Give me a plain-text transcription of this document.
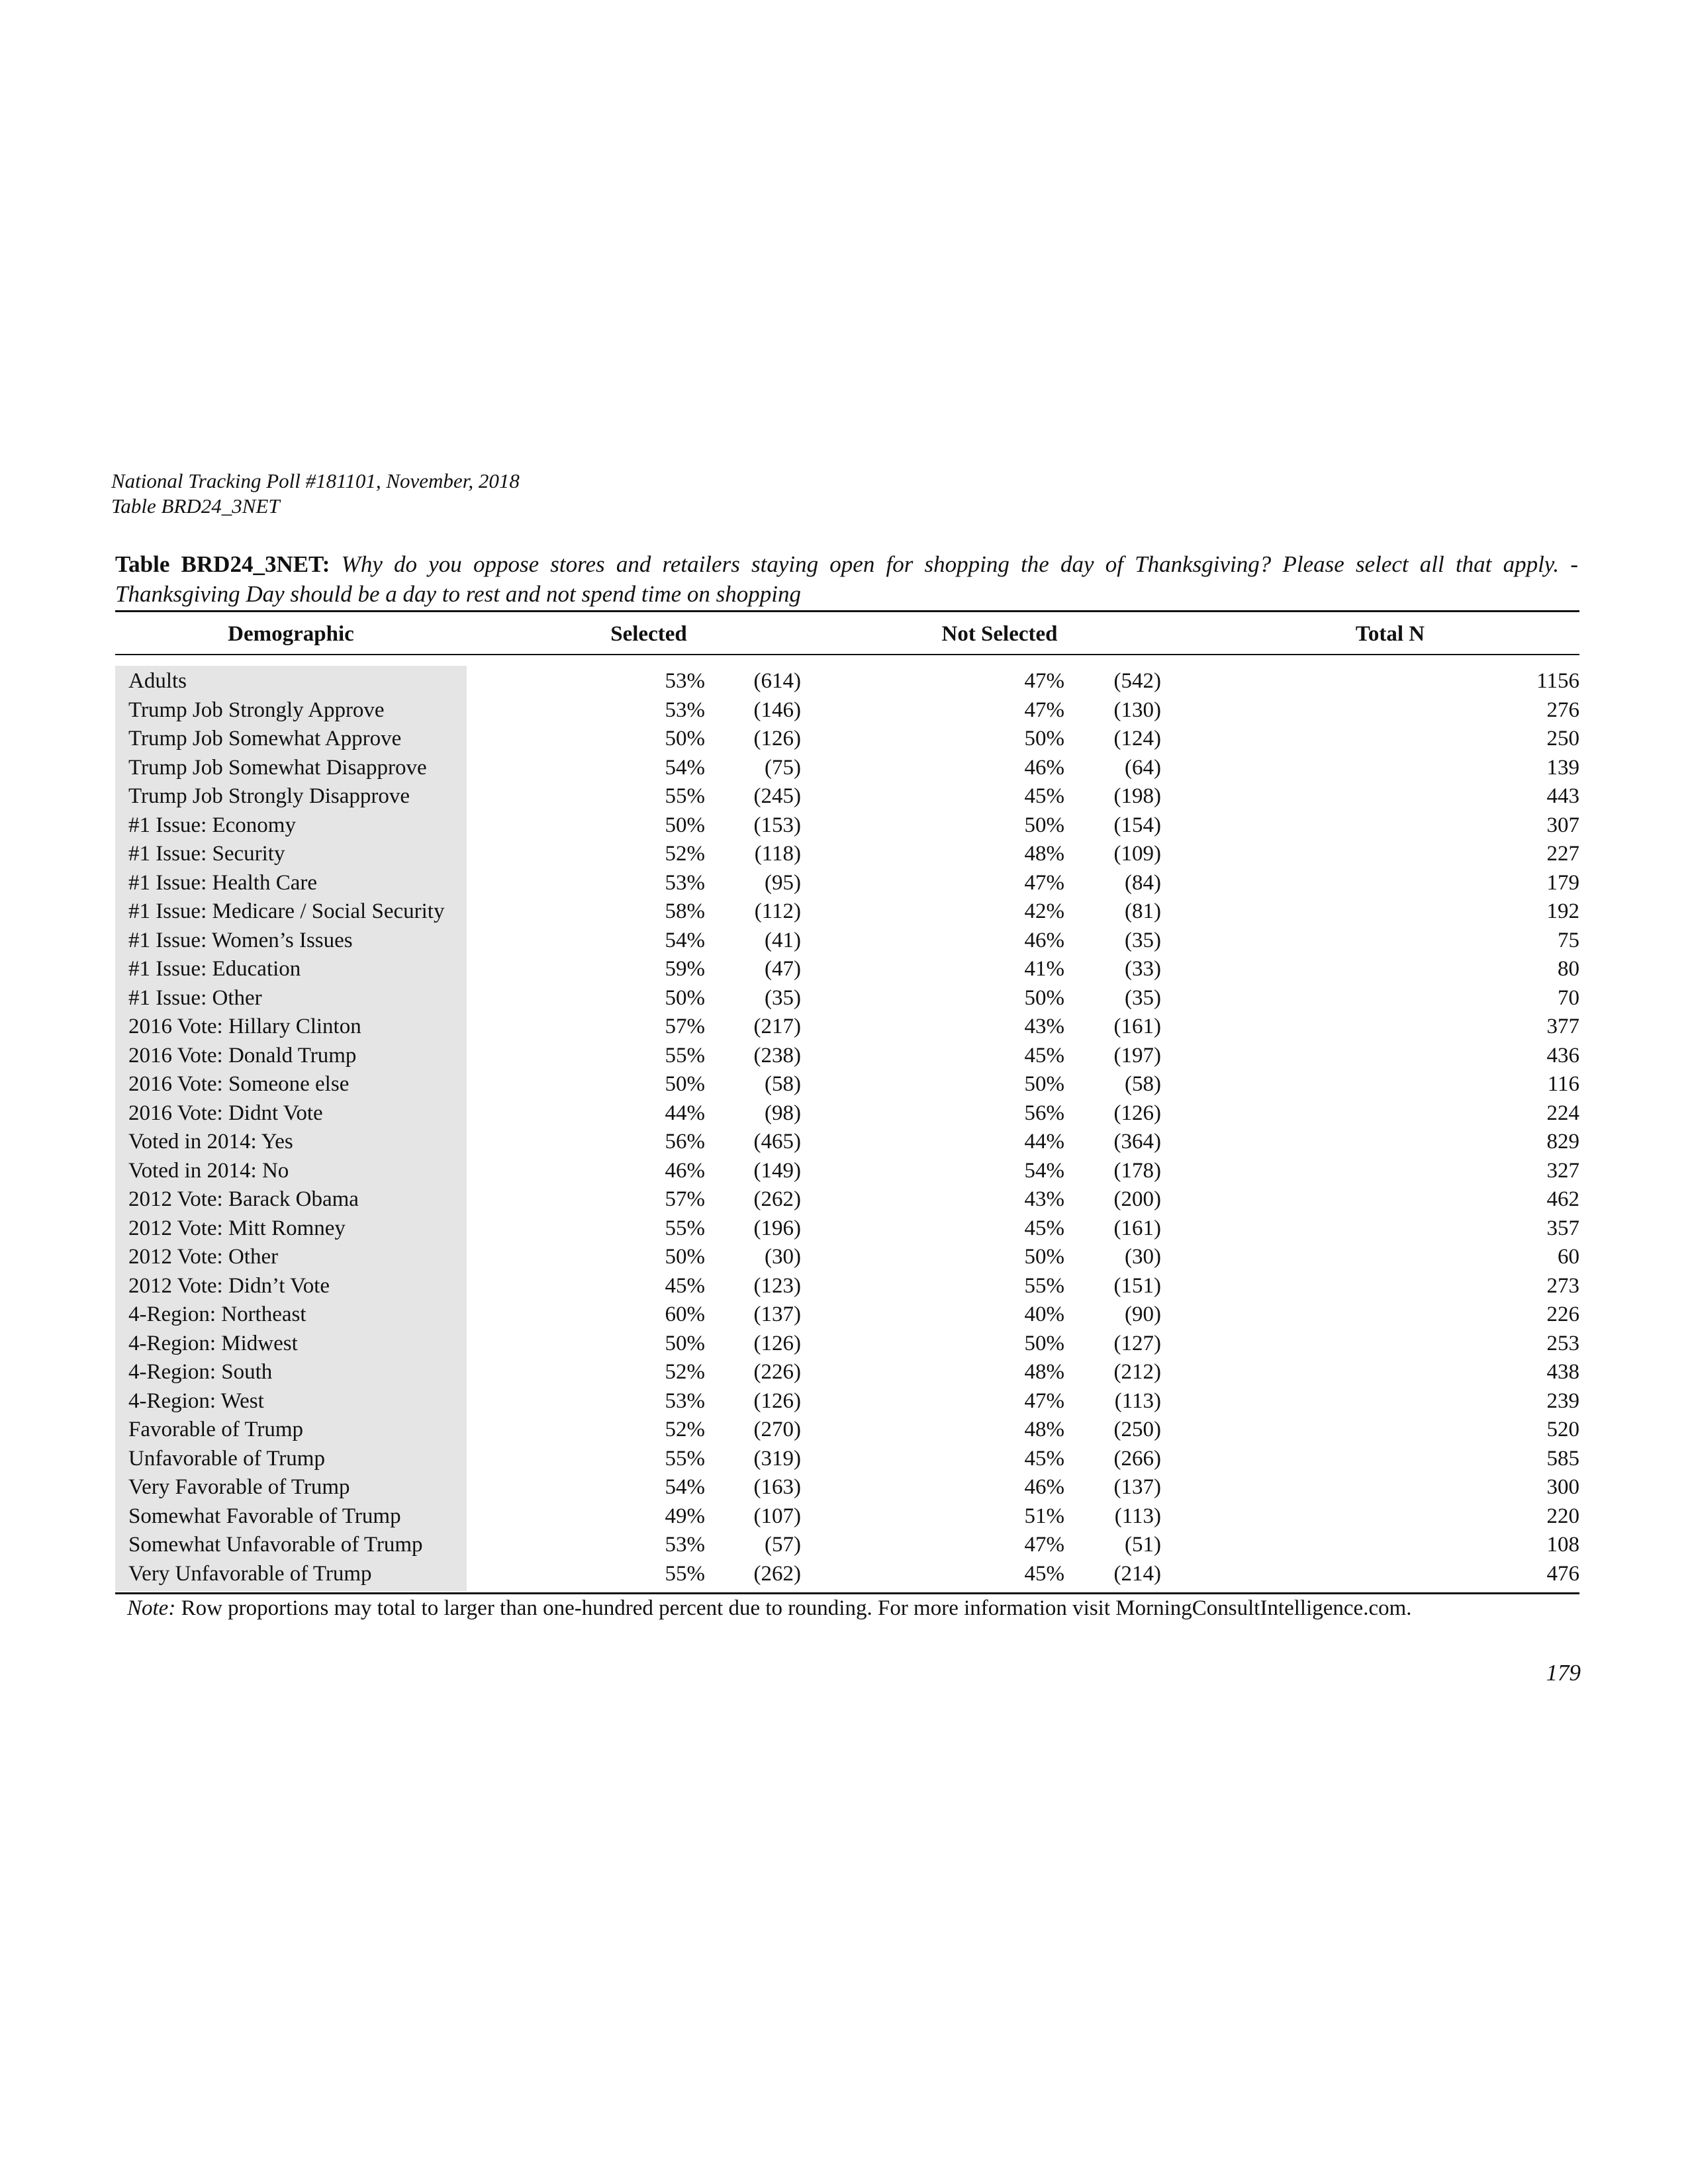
National Tracking Poll #181101, November, 2018
Table BRD24_3NET
Table BRD24_3NET: Why do you oppose stores and retailers staying open for shopping the day of Thanksgiving? Please select all that apply. - Thanksgiving Day should be a day to rest and not spend time on shopping
Demographic	Selected	Not Selected	Total N
Adults	53%	(614)	47%	(542)	1156
Trump Job Strongly Approve	53%	(146)	47%	(130)	276
Trump Job Somewhat Approve	50%	(126)	50%	(124)	250
Trump Job Somewhat Disapprove	54%	(75)	46%	(64)	139
Trump Job Strongly Disapprove	55%	(245)	45%	(198)	443
#1 Issue: Economy	50%	(153)	50%	(154)	307
#1 Issue: Security	52%	(118)	48%	(109)	227
#1 Issue: Health Care	53%	(95)	47%	(84)	179
#1 Issue: Medicare / Social Security	58%	(112)	42%	(81)	192
#1 Issue: Women’s Issues	54%	(41)	46%	(35)	75
#1 Issue: Education	59%	(47)	41%	(33)	80
#1 Issue: Other	50%	(35)	50%	(35)	70
2016 Vote: Hillary Clinton	57%	(217)	43%	(161)	377
2016 Vote: Donald Trump	55%	(238)	45%	(197)	436
2016 Vote: Someone else	50%	(58)	50%	(58)	116
2016 Vote: Didnt Vote	44%	(98)	56%	(126)	224
Voted in 2014: Yes	56%	(465)	44%	(364)	829
Voted in 2014: No	46%	(149)	54%	(178)	327
2012 Vote: Barack Obama	57%	(262)	43%	(200)	462
2012 Vote: Mitt Romney	55%	(196)	45%	(161)	357
2012 Vote: Other	50%	(30)	50%	(30)	60
2012 Vote: Didn’t Vote	45%	(123)	55%	(151)	273
4-Region: Northeast	60%	(137)	40%	(90)	226
4-Region: Midwest	50%	(126)	50%	(127)	253
4-Region: South	52%	(226)	48%	(212)	438
4-Region: West	53%	(126)	47%	(113)	239
Favorable of Trump	52%	(270)	48%	(250)	520
Unfavorable of Trump	55%	(319)	45%	(266)	585
Very Favorable of Trump	54%	(163)	46%	(137)	300
Somewhat Favorable of Trump	49%	(107)	51%	(113)	220
Somewhat Unfavorable of Trump	53%	(57)	47%	(51)	108
Very Unfavorable of Trump	55%	(262)	45%	(214)	476
Note: Row proportions may total to larger than one-hundred percent due to rounding. For more information visit MorningConsultIntelligence.com.
179
